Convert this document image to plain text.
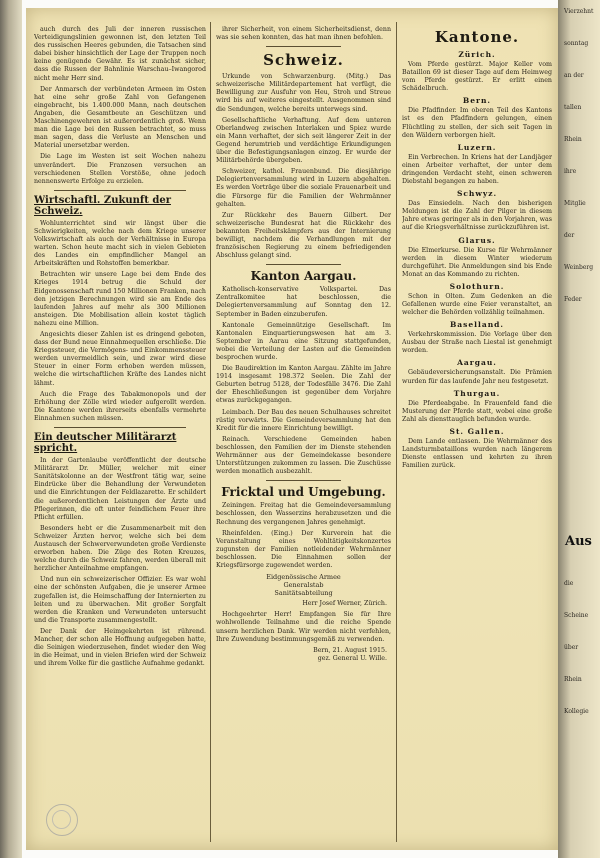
Vierzehnt
sonntag
an der
tallen
Rhein
ihre
Mitglie
der
Weinberg
Feder
Aus
die
Scheine
über
Rhein
Kollegie

auch durch des Juli der inneren russischen Verteidigungslinien gewonnen ist, den letzten Teil des russischen Heeres gebunden, die Tatsachen sind dabei bisher hinsichtlich der Lage der Truppen noch keine genügende Gewähr. Es ist zunächst sicher, dass die Russen der Bahnlinie Warschau–Iwangorod nicht mehr Herr sind.

Der Anmarsch der verbündeten Armeen im Osten hat eine sehr große Zahl von Gefangenen eingebracht, bis 1.400.000 Mann, nach deutschen Angaben, die Gesamtbeute an Geschützen und Maschinengewehren ist außerordentlich groß. Wenn man die Lage bei den Russen betrachtet, so muss man sagen, dass die Verluste an Menschen und Material unersetzbar werden.

Die Lage im Westen ist seit Wochen nahezu unverändert. Die Franzosen versuchen an verschiedenen Stellen Vorstöße, ohne jedoch nennenswerte Erfolge zu erzielen.

Wirtschaftl. Zukunft der Schweiz.

Wohlunterrichtet sind wir längst über die Schwierigkeiten, welche nach dem Kriege unserer Volkswirtschaft als auch der Verhältnisse in Europa warten. Schon heute macht sich in vielen Gebieten des Landes ein empfindlicher Mangel an Arbeitskräften und Rohstoffen bemerkbar.

Betrachten wir unsere Lage bei dem Ende des Krieges 1914 betrug die Schuld der Eidgenossenschaft rund 150 Millionen Franken, nach den jetzigen Berechnungen wird sie am Ende des laufenden Jahres auf mehr als 300 Millionen ansteigen. Die Mobilisation allein kostet täglich nahezu eine Million.

Angesichts dieser Zahlen ist es dringend geboten, dass der Bund neue Einnahmequellen erschließe. Die Kriegssteuer, die Vermögens- und Einkommenssteuer werden unvermeidlich sein, und zwar wird diese Steuer in einer Form erhoben werden müssen, welche die wirtschaftlichen Kräfte des Landes nicht lähmt.

Auch die Frage des Tabakmonopols und der Erhöhung der Zölle wird wieder aufgerollt werden. Die Kantone werden ihrerseits ebenfalls vermehrte Einnahmen suchen müssen.

Ein deutscher Militärarzt spricht.

In der Gartenlaube veröffentlicht der deutsche Militärarzt Dr. Müller, welcher mit einer Sanitätskolonne an der Westfront tätig war, seine Eindrücke über die Behandlung der Verwundeten und die Einrichtungen der Feldlazarette. Er schildert die außerordentlichen Leistungen der Ärzte und Pflegerinnen, die oft unter feindlichem Feuer ihre Pflicht erfüllen.

Besonders hebt er die Zusammenarbeit mit den Schweizer Ärzten hervor, welche sich bei dem Austausch der Schwerverwundeten große Verdienste erworben haben. Die Züge des Roten Kreuzes, welche durch die Schweiz fahren, werden überall mit herzlicher Anteilnahme empfangen.

Und nun ein schweizerischer Offizier. Es war wohl eine der schönsten Aufgaben, die je unserer Armee zugefallen ist, die Heimschaffung der Internierten zu leiten und zu überwachen. Mit großer Sorgfalt werden die Kranken und Verwundeten untersucht und die Transporte zusammengestellt.

Der Dank der Heimgekehrten ist rührend. Mancher, der schon alle Hoffnung aufgegeben hatte, die Seinigen wiederzusehen, findet wieder den Weg in die Heimat, und in vielen Briefen wird der Schweiz und ihrem Volke für die gastliche Aufnahme gedankt.

ihrer Sicherheit, von einem Sicherheitsdienst, denn was sie sehen konnten, das hat man ihnen befohlen.

Schweiz.

Urkunde von Schwarzenburg. (Mitg.) Das schweizerische Militärdepartement hat verfügt, die Bewilligung zur Ausfuhr von Heu, Stroh und Streue wird bis auf weiteres eingestellt. Ausgenommen sind die Sendungen, welche bereits unterwegs sind.

Gesellschaftliche Verhaftung. Auf dem unteren Oberlandweg zwischen Interlaken und Spiez wurde ein Mann verhaftet, der sich seit längerer Zeit in der Gegend herumtrieb und verdächtige Erkundigungen über die Befestigungsanlagen einzog. Er wurde der Militärbehörde übergeben.

Schweizer, kathol. Frauenbund. Die diesjährige Delegiertenversammlung wird in Luzern abgehalten. Es werden Vorträge über die soziale Frauenarbeit und die Fürsorge für die Familien der Wehrmänner gehalten.

Zur Rückkehr des Bauern Gilbert. Der schweizerische Bundesrat hat die Rückkehr des bekannten Freiheitskämpfers aus der Internierung bewilligt, nachdem die Verhandlungen mit der französischen Regierung zu einem befriedigenden Abschluss gelangt sind.

Kanton Aargau.

Katholisch-konservative Volkspartei. Das Zentralkomitee hat beschlossen, die Delegiertenversammlung auf Sonntag den 12. September in Baden einzuberufen.

Kantonale Gemeinnützige Gesellschaft. Im Kantonalen Einquartierungswesen hat am 3. September in Aarau eine Sitzung stattgefunden, wobei die Verteilung der Lasten auf die Gemeinden besprochen wurde.

Die Baudirektion im Kanton Aargau. Zählte im Jahre 1914 insgesamt 198.372 Seelen. Die Zahl der Geburten betrug 5128, der Todesfälle 3476. Die Zahl der Eheschließungen ist gegenüber dem Vorjahre etwas zurückgegangen.

Leimbach. Der Bau des neuen Schulhauses schreitet rüstig vorwärts. Die Gemeindeversammlung hat den Kredit für die innere Einrichtung bewilligt.

Reinach. Verschiedene Gemeinden haben beschlossen, den Familien der im Dienste stehenden Wehrmänner aus der Gemeindekasse besondere Unterstützungen zukommen zu lassen. Die Zuschüsse werden monatlich ausbezahlt.

Fricktal und Umgebung.

Zeiningen. Freitag hat die Gemeindeversammlung beschlossen, den Wasserzins herabzusetzen und die Rechnung des vergangenen Jahres genehmigt.

Rheinfelden. (Eing.) Der Kurverein hat die Veranstaltung eines Wohltätigkeitskonzertes zugunsten der Familien notleidender Wehrmänner beschlossen. Die Einnahmen sollen der Kriegsfürsorge zugewendet werden.

Eidgenössische Armee
Generalstab
Sanitätsabteilung

Herr Josef Werner, Zürich.

Hochgeehrter Herr! Empfangen Sie für Ihre wohlwollende Teilnahme und die reiche Spende unsern herzlichen Dank. Wir werden nicht verfehlen, Ihre Zuwendung bestimmungsgemäß zu verwenden.

Bern, 21. August 1915.
gez. General U. Wille.

Kantone.
Zürich.

Vom Pferde gestürzt. Major Keller vom Bataillon 69 ist dieser Tage auf dem Heimweg vom Pferde gestürzt. Er erlitt einen Schädelbruch.

Bern.

Die Pfadfinder. Im oberen Teil des Kantons ist es den Pfadfindern gelungen, einen Flüchtling zu stellen, der sich seit Tagen in den Wäldern verborgen hielt.

Luzern.

Ein Verbrechen. In Kriens hat der Landjäger einen Arbeiter verhaftet, der unter dem dringenden Verdacht steht, einen schweren Diebstahl begangen zu haben.

Schwyz.

Das Einsiedeln. Nach den bisherigen Meldungen ist die Zahl der Pilger in diesem Jahre etwas geringer als in den Vorjahren, was auf die Kriegsverhältnisse zurückzuführen ist.

Glarus.

Die Elmerkurse. Die Kurse für Wehrmänner werden in diesem Winter wiederum durchgeführt. Die Anmeldungen sind bis Ende Monat an das Kommando zu richten.

Solothurn.

Schon in Olten. Zum Gedenken an die Gefallenen wurde eine Feier veranstaltet, an welcher die Behörden vollzählig teilnahmen.

Baselland.

Verkehrskommission. Die Vorlage über den Ausbau der Straße nach Liestal ist genehmigt worden.

Aargau.

Gebäudeversicherungsanstalt. Die Prämien wurden für das laufende Jahr neu festgesetzt.

Thurgau.

Die Pferdeabgabe. In Frauenfeld fand die Musterung der Pferde statt, wobei eine große Zahl als diensttauglich befunden wurde.

St. Gallen.

Dem Lande entlassen. Die Wehrmänner des Landsturmbataillons wurden nach längerem Dienste entlassen und kehrten zu ihren Familien zurück.
